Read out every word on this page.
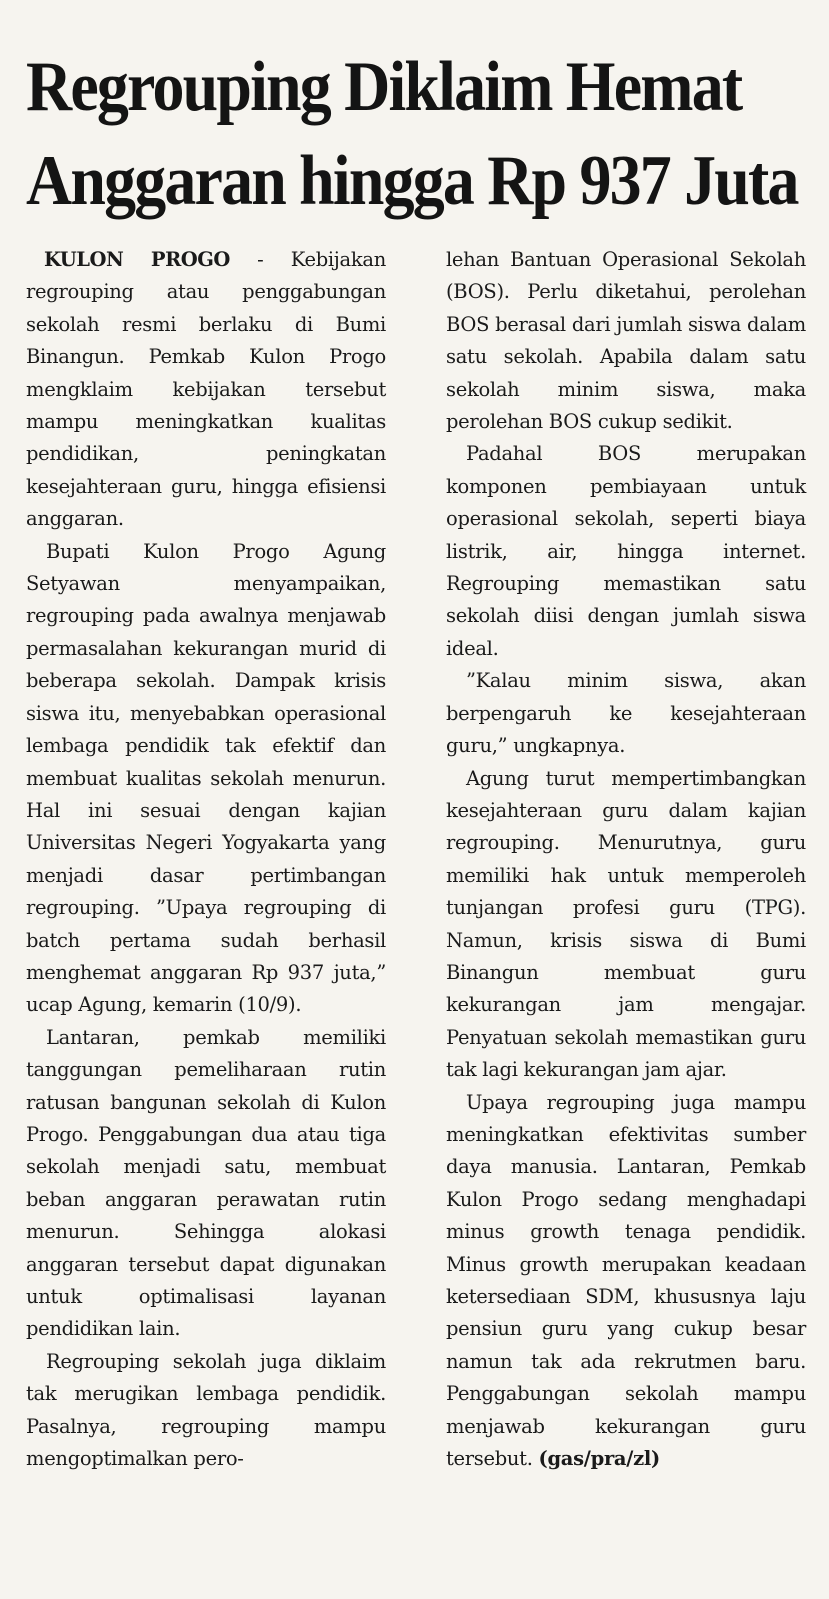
Regrouping Diklaim Hemat
Anggaran hingga Rp 937 Juta

KULON PROGO - Kebijakan regrouping atau penggabungan sekolah resmi berlaku di Bumi Binangun. Pemkab Kulon Progo mengklaim kebijakan tersebut mampu meningkatkan kualitas pendidikan, peningkatan kesejahteraan guru, hingga efisiensi anggaran.

Bupati Kulon Progo Agung Setyawan menyampaikan, regrouping pada awalnya menjawab permasalahan kekurangan murid di beberapa sekolah. Dampak krisis siswa itu, menyebabkan operasional lembaga pendidik tak efektif dan membuat kualitas sekolah menurun. Hal ini sesuai dengan kajian Universitas Negeri Yogyakarta yang menjadi dasar pertimbangan regrouping. ”Upaya regrouping di batch pertama sudah berhasil menghemat anggaran Rp 937 juta,” ucap Agung, kemarin (10/9).

Lantaran, pemkab memiliki tanggungan pemeliharaan rutin ratusan bangunan sekolah di Kulon Progo. Penggabungan dua atau tiga sekolah menjadi satu, membuat beban anggaran perawatan rutin menurun. Sehingga alokasi anggaran tersebut dapat digunakan untuk optimalisasi layanan pendidikan lain.

Regrouping sekolah juga diklaim tak merugikan lembaga pendidik. Pasalnya, regrouping mampu mengoptimalkan pero-

lehan Bantuan Operasional Sekolah (BOS). Perlu diketahui, perolehan BOS berasal dari jumlah siswa dalam satu sekolah. Apabila dalam satu sekolah minim siswa, maka perolehan BOS cukup sedikit.

Padahal BOS merupakan komponen pembiayaan untuk operasional sekolah, seperti biaya listrik, air, hingga internet. Regrouping memastikan satu sekolah diisi dengan jumlah siswa ideal.

”Kalau minim siswa, akan berpengaruh ke kesejahteraan guru,” ungkapnya.

Agung turut mempertimbangkan kesejahteraan guru dalam kajian regrouping. Menurutnya, guru memiliki hak untuk memperoleh tunjangan profesi guru (TPG). Namun, krisis siswa di Bumi Binangun membuat guru kekurangan jam mengajar. Penyatuan sekolah memastikan guru tak lagi kekurangan jam ajar.

Upaya regrouping juga mampu meningkatkan efektivitas sumber daya manusia. Lantaran, Pemkab Kulon Progo sedang menghadapi minus growth tenaga pendidik. Minus growth merupakan keadaan ketersediaan SDM, khususnya laju pensiun guru yang cukup besar namun tak ada rekrutmen baru. Penggabungan sekolah mampu menjawab kekurangan guru tersebut. (gas/pra/zl)
